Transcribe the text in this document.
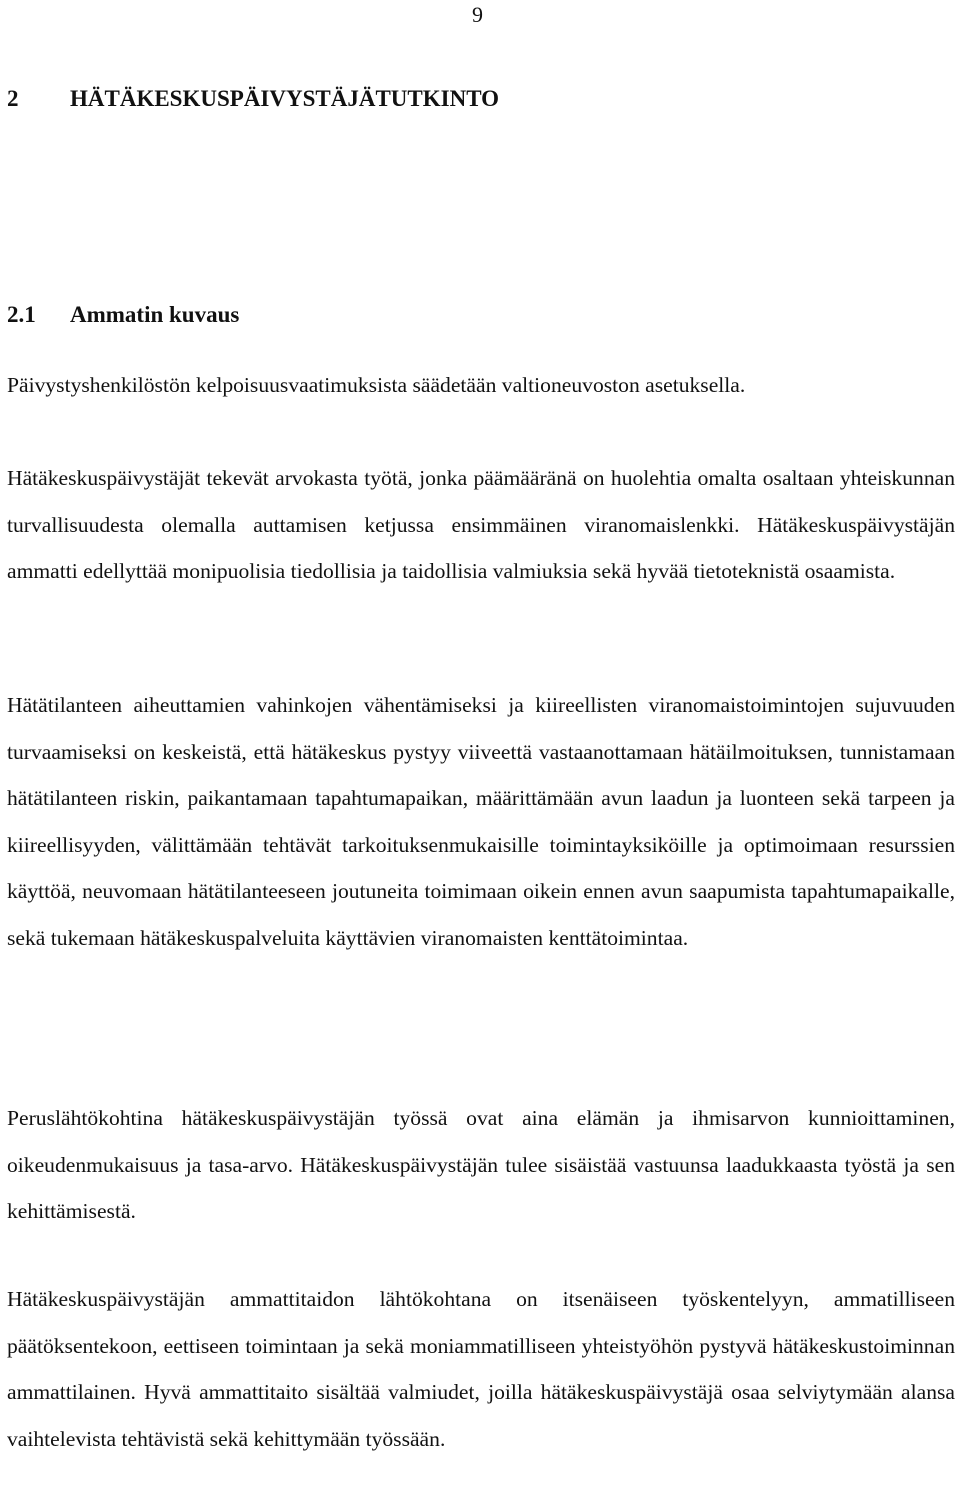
9
2 HÄTÄKESKUSPÄIVYSTÄJÄTUTKINTO
2.1 Ammatin kuvaus

Päivystyshenkilöstön kelpoisuusvaatimuksista säädetään valtioneuvoston asetuksella.

Hätäkeskuspäivystäjät tekevät arvokasta työtä, jonka päämääränä on huolehtia omalta osaltaan yhteiskunnan turvallisuudesta olemalla auttamisen ketjussa ensimmäinen viranomaislenkki. Hätäkeskuspäivystäjän ammatti edellyttää monipuolisia tiedollisia ja taidollisia valmiuksia sekä hyvää tietoteknistä osaamista.

Hätätilanteen aiheuttamien vahinkojen vähentämiseksi ja kiireellisten viranomaistoimintojen sujuvuuden turvaamiseksi on keskeistä, että hätäkeskus pystyy viiveettä vastaanottamaan hätäilmoituksen, tunnistamaan hätätilanteen riskin, paikantamaan tapahtumapaikan, määrittämään avun laadun ja luonteen sekä tarpeen ja kiireellisyyden, välittämään tehtävät tarkoituksenmukaisille toimintayksiköille ja optimoimaan resurssien käyttöä, neuvomaan hätätilanteeseen joutuneita toimimaan oikein ennen avun saapumista tapahtumapaikalle, sekä tukemaan hätäkeskuspalveluita käyttävien viranomaisten kenttätoimintaa.

Peruslähtökohtina hätäkeskuspäivystäjän työssä ovat aina elämän ja ihmisarvon kunnioittaminen, oikeudenmukaisuus ja tasa-arvo. Hätäkeskuspäivystäjän tulee sisäistää vastuunsa laadukkaasta työstä ja sen kehittämisestä.

Hätäkeskuspäivystäjän ammattitaidon lähtökohtana on itsenäiseen työskentelyyn, ammatilliseen päätöksentekoon, eettiseen toimintaan ja sekä moniammatilliseen yhteistyöhön pystyvä hätäkeskustoiminnan ammattilainen. Hyvä ammattitaito sisältää valmiudet, joilla hätäkeskuspäivystäjä osaa selviytymään alansa vaihtelevista tehtävistä sekä kehittymään työssään.
